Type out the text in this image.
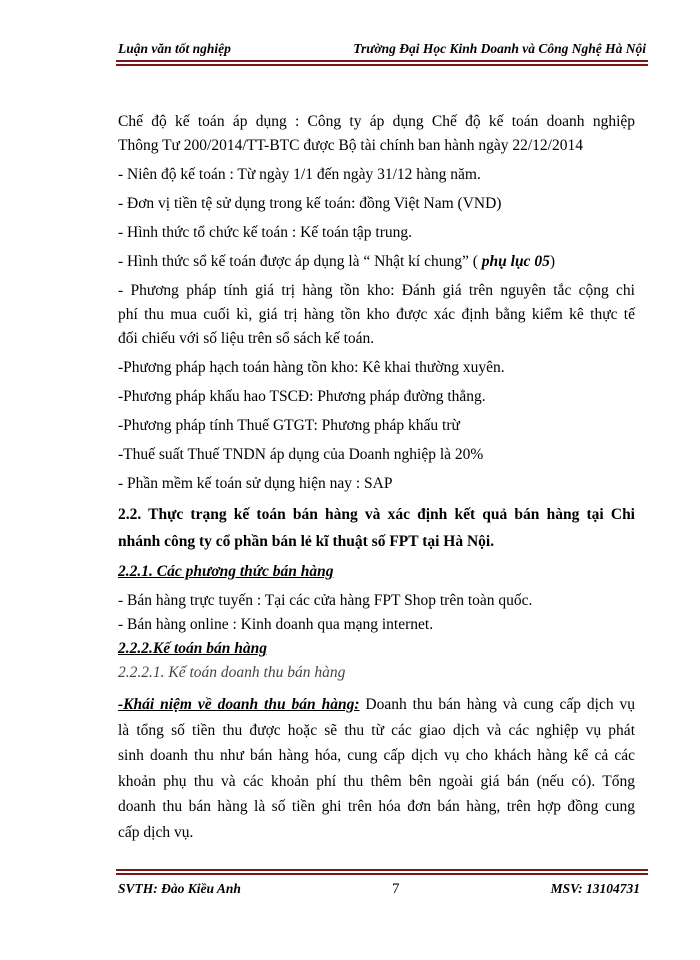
Luận văn tốt nghiệp	Trường Đại Học Kinh Doanh và Công Nghệ Hà Nội

Chế độ kế toán áp dụng : Công ty áp dụng Chế độ kế toán doanh nghiệp

Thông Tư 200/2014/TT-BTC được Bộ tài chính ban hành ngày 22/12/2014

- Niên độ kế toán : Từ ngày 1/1 đến ngày 31/12 hàng năm.

- Đơn vị tiền tệ sử dụng trong kế toán: đồng Việt Nam (VND)

- Hình thức tổ chức kế toán : Kế toán tập trung.

- Hình thức sổ kế toán được áp dụng là “ Nhật kí chung” ( phụ lục 05)

- Phương pháp tính giá trị hàng tồn kho: Đánh giá trên nguyên tắc cộng chi

phí thu mua cuối kì, giá trị hàng tồn kho được xác định bằng kiểm kê thực tế

đối chiếu với số liệu trên sổ sách kế toán.

-Phương pháp hạch toán hàng tồn kho: Kê khai thường xuyên.

-Phương pháp khấu hao TSCĐ: Phương pháp đường thẳng.

-Phương pháp tính Thuế GTGT: Phương pháp khấu trừ

-Thuế suất Thuế TNDN áp dụng của Doanh nghiệp là 20%

- Phần mềm kế toán sử dụng hiện nay : SAP

2.2. Thực trạng kế toán bán hàng và xác định kết quả bán hàng tại Chi

nhánh công ty cổ phần bán lẻ kĩ thuật số FPT tại Hà Nội.

2.2.1. Các phương thức bán hàng

- Bán hàng trực tuyến : Tại các cửa hàng FPT Shop trên toàn quốc.

- Bán hàng online : Kinh doanh qua mạng internet.

2.2.2.Kế toán bán hàng

2.2.2.1. Kế toán doanh thu bán hàng

-Khái niệm về doanh thu bán hàng: Doanh thu bán hàng và cung cấp dịch vụ

là tổng số tiền thu được hoặc sẽ thu từ các giao dịch và các nghiệp vụ phát

sinh doanh thu như bán hàng hóa, cung cấp dịch vụ cho khách hàng kể cả các

khoản phụ thu và các khoản phí thu thêm bên ngoài giá bán (nếu có). Tổng

doanh thu bán hàng là số tiền ghi trên hóa đơn bán hàng, trên hợp đồng cung

cấp dịch vụ.

SVTH: Đào Kiều Anh	7	MSV: 13104731
